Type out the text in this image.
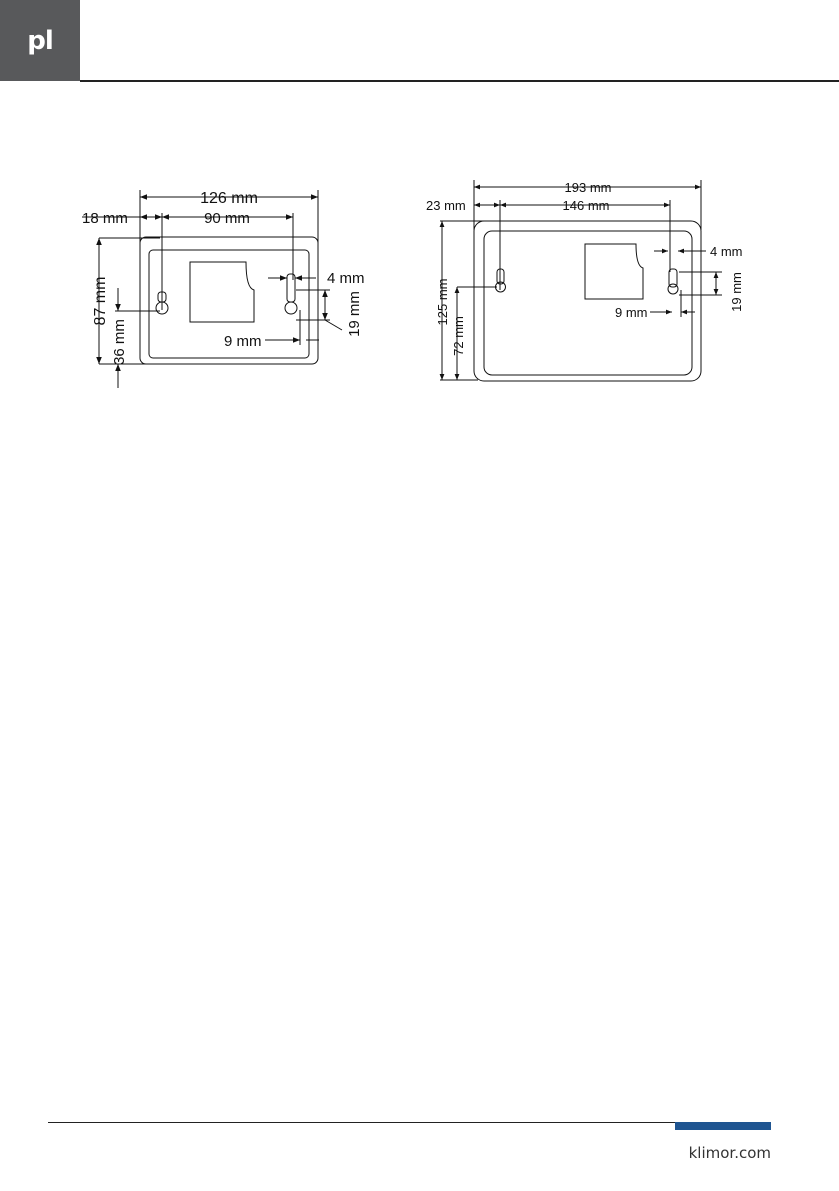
pl
126 mm
18 mm	90 mm
4 mm
19 mm
9 mm
87 mm
36 mm
193 mm
23 mm	146 mm
4 mm
19 mm
9 mm
125 mm
72 mm
klimor.com
